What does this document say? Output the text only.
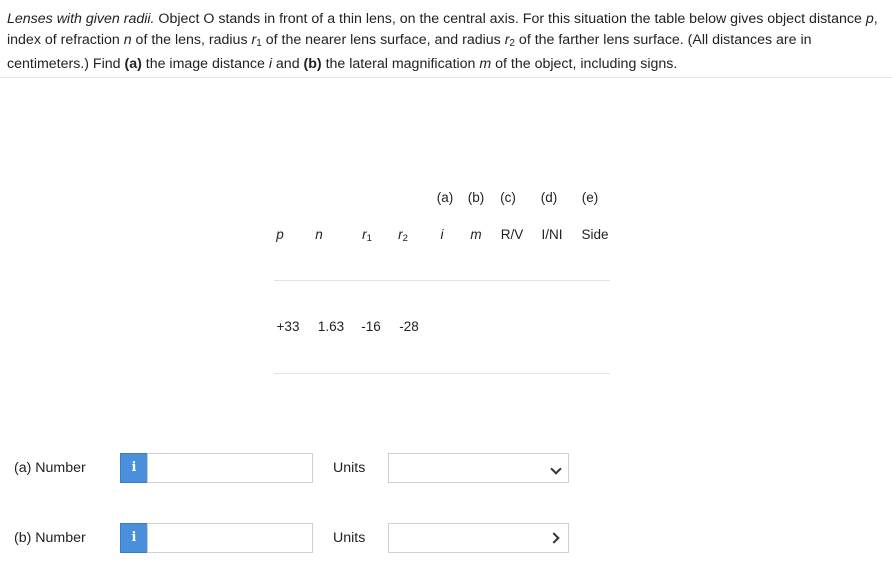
Lenses with given radii. Object O stands in front of a thin lens, on the central axis. For this situation the table below gives object distance p, index of refraction n of the lens, radius $r_1$ of the nearer lens surface, and radius $r_2$ of the farther lens surface. (All distances are in centimeters.) Find (a) the image distance i and (b) the lateral magnification m of the object, including signs.
(a) (b) (c) (d) (e)
p n	$r_1$ $r_2$ i m R/V I/NI Side
+33 1.63 -16 -28
(a) Number	i	Units
(b) Number	i	Units
